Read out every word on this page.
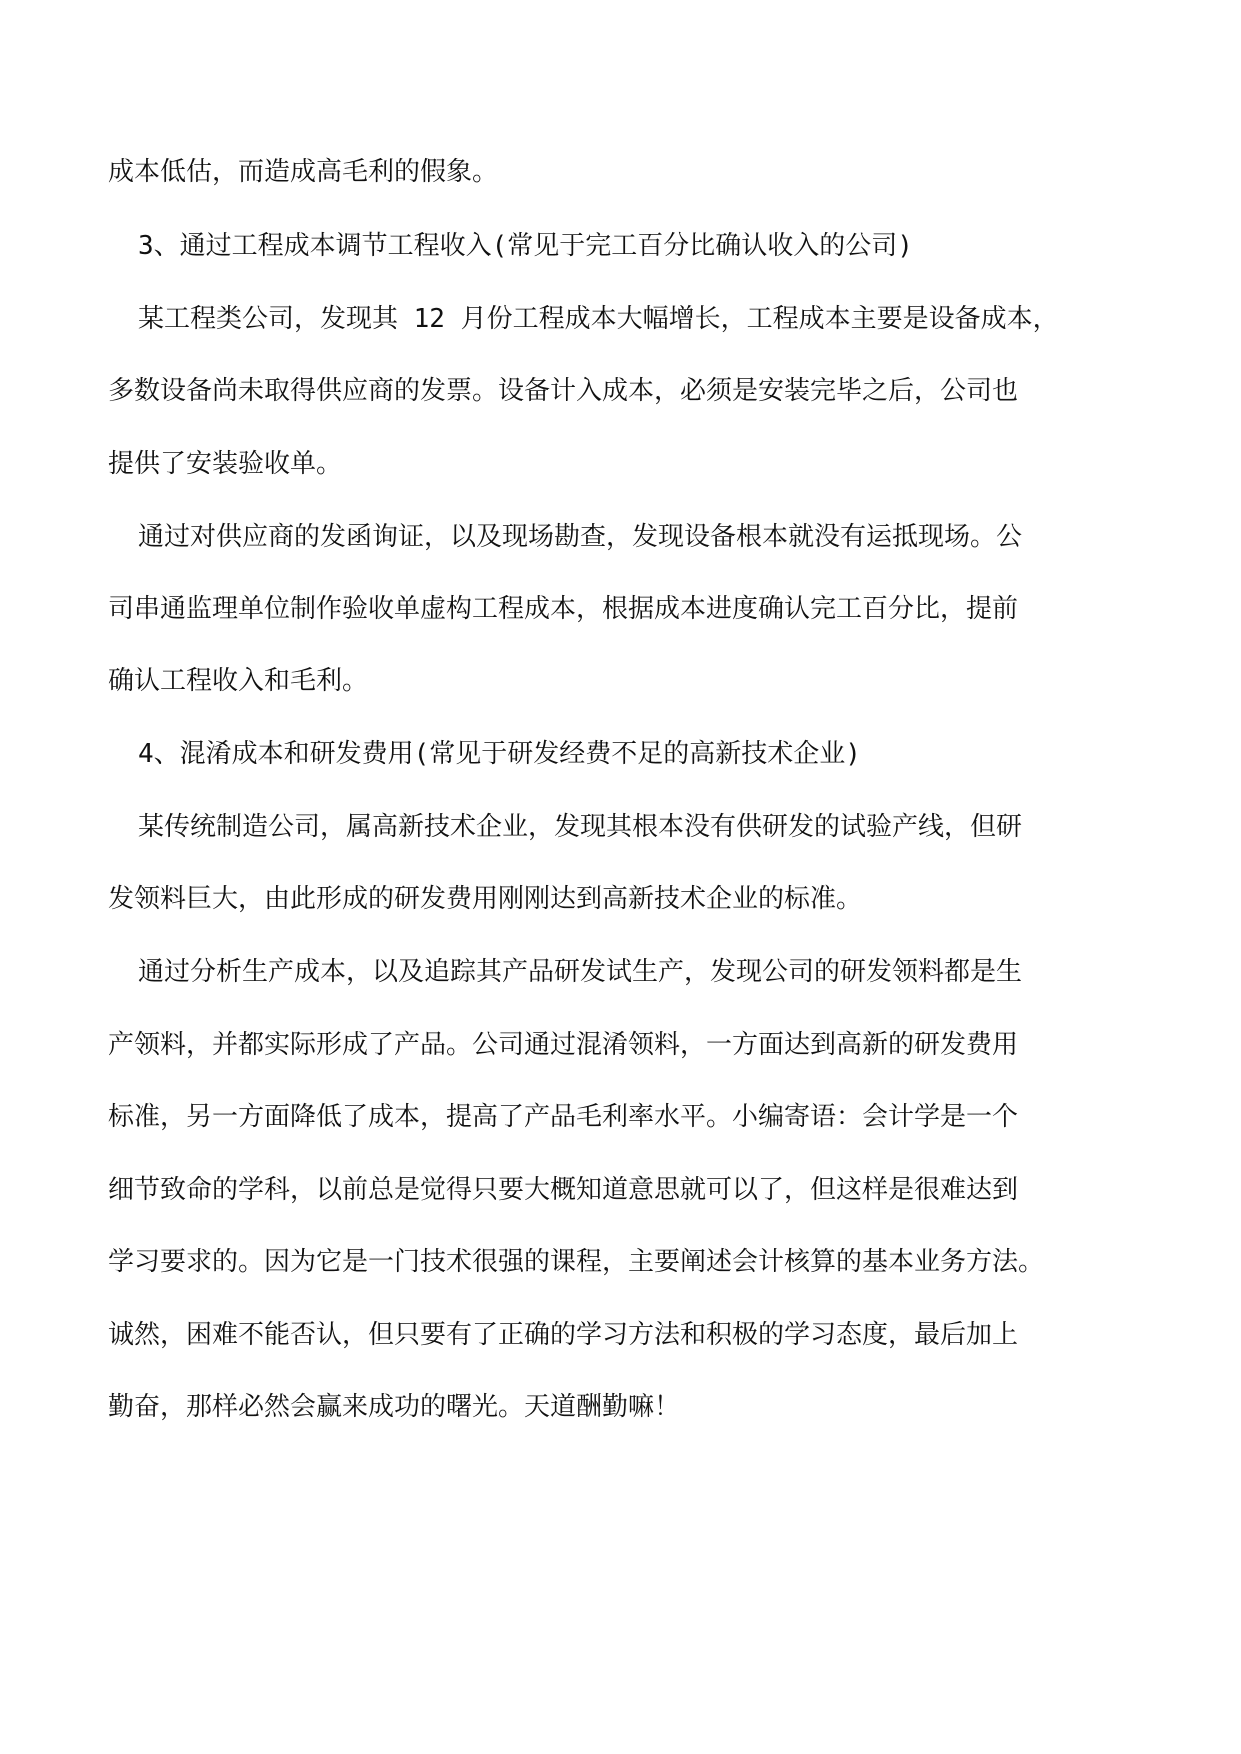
成本低估，而造成高毛利的假象。

3、通过工程成本调节工程收入(常见于完工百分比确认收入的公司)

某工程类公司，发现其 12 月份工程成本大幅增长，工程成本主要是设备成本，

多数设备尚未取得供应商的发票。设备计入成本，必须是安装完毕之后，公司也

提供了安装验收单。

通过对供应商的发函询证，以及现场勘查，发现设备根本就没有运抵现场。公

司串通监理单位制作验收单虚构工程成本，根据成本进度确认完工百分比，提前

确认工程收入和毛利。

4、混淆成本和研发费用(常见于研发经费不足的高新技术企业)

某传统制造公司，属高新技术企业，发现其根本没有供研发的试验产线，但研

发领料巨大，由此形成的研发费用刚刚达到高新技术企业的标准。

通过分析生产成本，以及追踪其产品研发试生产，发现公司的研发领料都是生

产领料，并都实际形成了产品。公司通过混淆领料，一方面达到高新的研发费用

标准，另一方面降低了成本，提高了产品毛利率水平。小编寄语：会计学是一个

细节致命的学科，以前总是觉得只要大概知道意思就可以了，但这样是很难达到

学习要求的。因为它是一门技术很强的课程，主要阐述会计核算的基本业务方法。

诚然，困难不能否认，但只要有了正确的学习方法和积极的学习态度，最后加上

勤奋，那样必然会赢来成功的曙光。天道酬勤嘛！
